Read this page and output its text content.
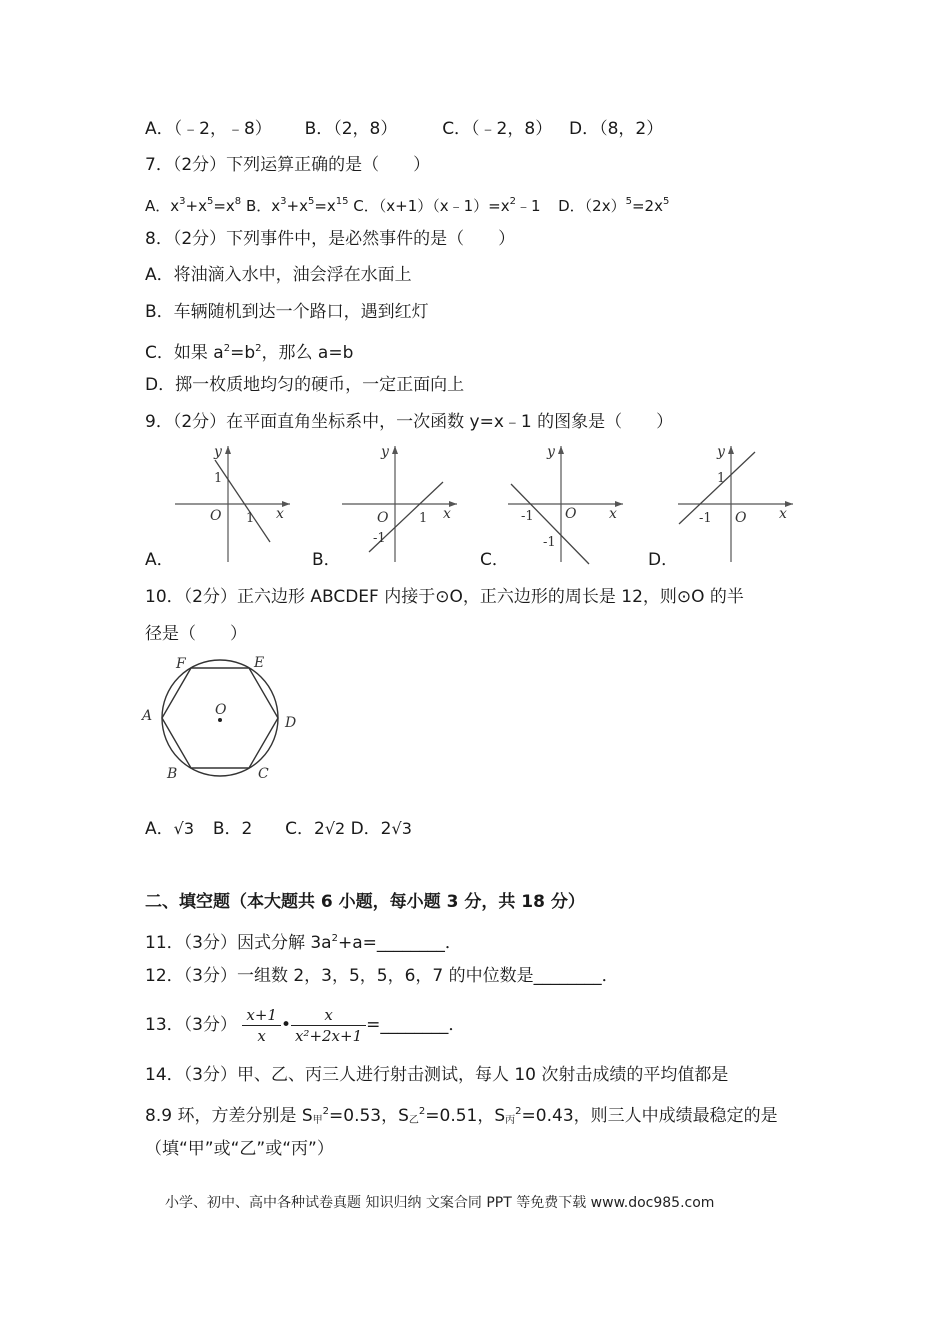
A．（﹣2，﹣8） B．（2，8）	C．（﹣2，8） D．（8，2）
7．（2分）下列运算正确的是（　　）
A．$x^3+x^5=x^8$ B．$x^3+x^5=x^{15}$ C．$(x+1)(x﹣1)=x^2﹣1$ D．$(2x)^5=2x^5$
8．（2分）下列事件中，是必然事件的是（　　）
A．将油滴入水中，油会浮在水面上
B．车辆随机到达一个路口，遇到红灯
C．如果 $a^2=b^2$，那么 a=b
D．掷一枚质地均匀的硬币，一定正面向上
9．（2分）在平面直角坐标系中，一次函数 y=x﹣1 的图象是（　　）
x
y
O
1
1
A．
x
y
O 1
-1
B．
x
y
O
-1
-1
C．
x
y
O
1
-1
D．
10．（2分）正六边形 ABCDEF 内接于⊙O，正六边形的周长是 12，则⊙O 的半
径是（　　）
A
B	C
D
E
F
O
A．√3 B．2 C．2√2 D．2√3
二、填空题（本大题共 6 小题，每小题 3 分，共 18 分）
11．（3分）因式分解 $3a^2+a=\_\_\_\_\_\_\_\_$．
12．（3分）一组数 2，3，5，5，6，7 的中位数是________．
13．（3分） $\frac{x+1}{x}$ • $\frac{x}{\text{x²+2x+1}}$ =________．
14．（3分）甲、乙、丙三人进行射击测试，每人 10 次射击成绩的平均值都是
8.9 环，方差分别是 $S_甲^2=0.53$，$S_乙^2=0.51$，$S_丙^2=0.43$，则三人中成绩最稳定的是
（填“甲”或“乙”或“丙”）
小学、初中、高中各种试卷真题 知识归纳 文案合同 PPT 等免费下载 www.doc985.com
